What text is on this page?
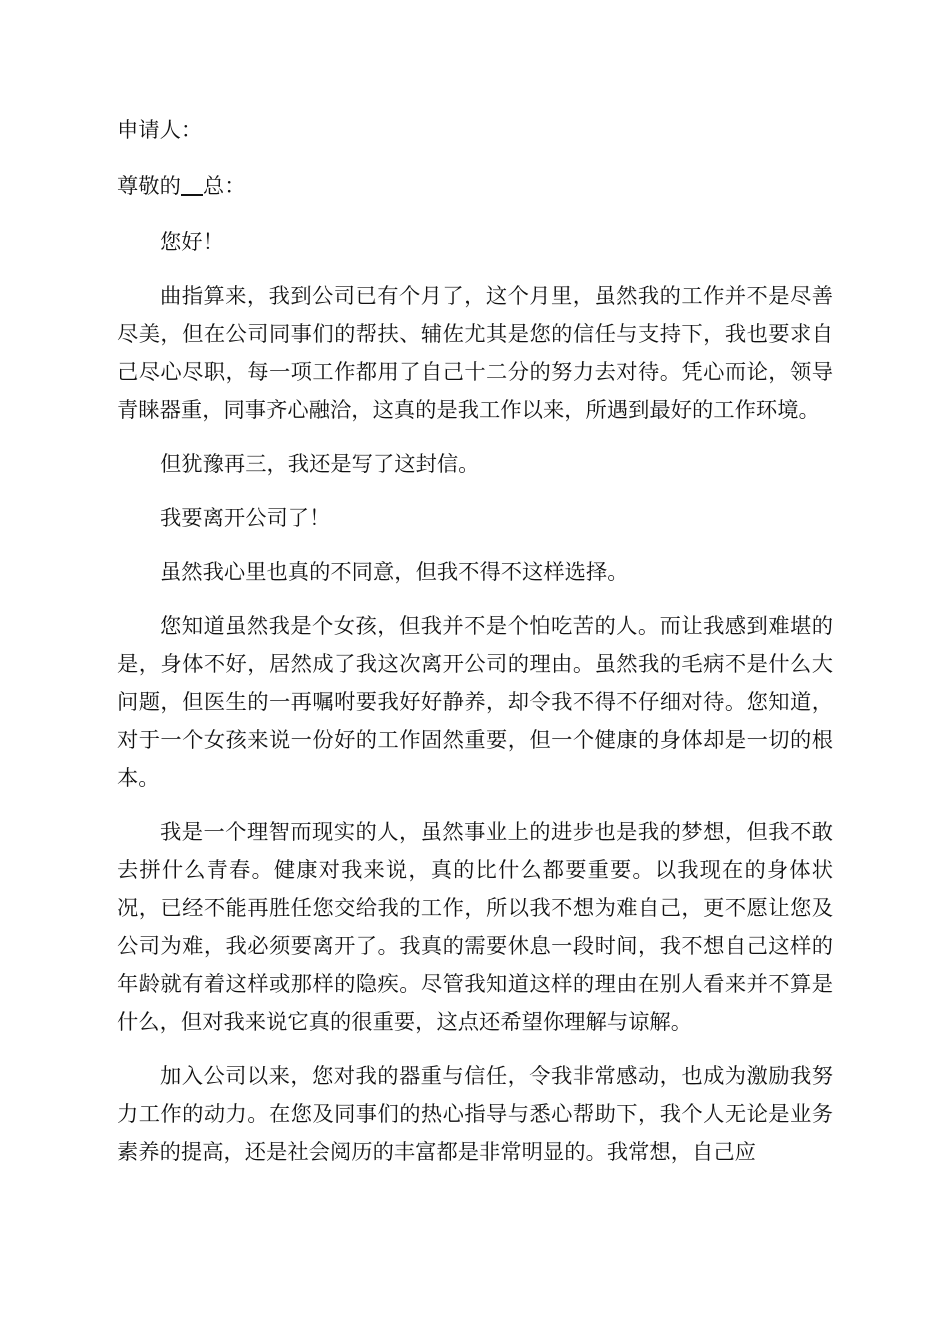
申请人：
尊敬的 总：

您好！

曲指算来，我到公司已有个月了，这个月里，虽然我的工作并不是尽善尽美，但在公司同事们的帮扶、辅佐尤其是您的信任与支持下，我也要求自己尽心尽职，每一项工作都用了自己十二分的努力去对待。凭心而论，领导青睐器重，同事齐心融洽，这真的是我工作以来，所遇到最好的工作环境。

但犹豫再三，我还是写了这封信。

我要离开公司了！

虽然我心里也真的不同意，但我不得不这样选择。

您知道虽然我是个女孩，但我并不是个怕吃苦的人。而让我感到难堪的是，身体不好，居然成了我这次离开公司的理由。虽然我的毛病不是什么大问题，但医生的一再嘱咐要我好好静养，却令我不得不仔细对待。您知道，对于一个女孩来说一份好的工作固然重要，但一个健康的身体却是一切的根本。

我是一个理智而现实的人，虽然事业上的进步也是我的梦想，但我不敢去拼什么青春。健康对我来说，真的比什么都要重要。以我现在的身体状况，已经不能再胜任您交给我的工作，所以我不想为难自己，更不愿让您及公司为难，我必须要离开了。我真的需要休息一段时间，我不想自己这样的年龄就有着这样或那样的隐疾。尽管我知道这样的理由在别人看来并不算是什么，但对我来说它真的很重要，这点还希望你理解与谅解。

加入公司以来，您对我的器重与信任，令我非常感动，也成为激励我努力工作的动力。在您及同事们的热心指导与悉心帮助下，我个人无论是业务素养的提高，还是社会阅历的丰富都是非常明显的。我常想，自己应
